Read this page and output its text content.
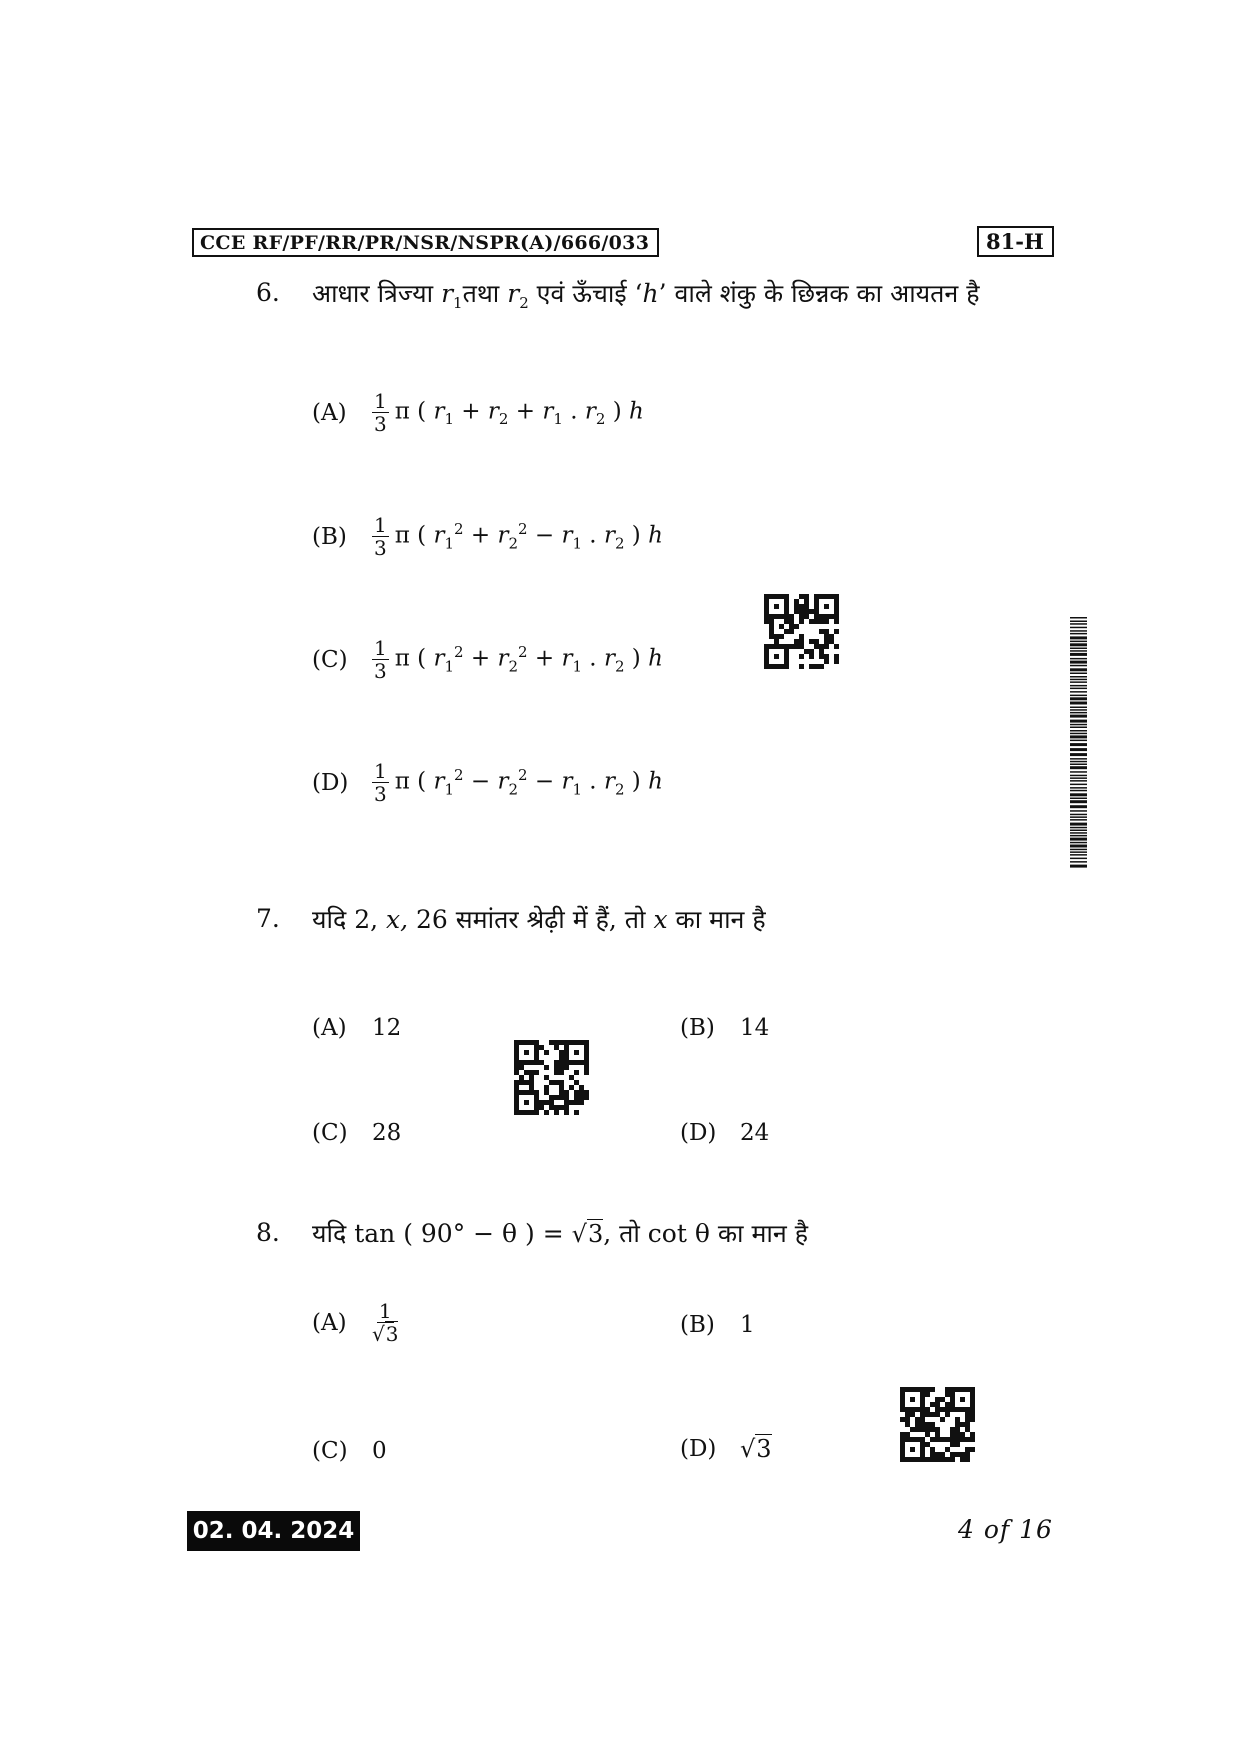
CCE RF/PF/RR/PR/NSR/NSPR(A)/666/033	81-H
6. आधार त्रिज्या $r_1तथा$ $r_2$ एवं ऊँचाई ‘h’ वाले शंकु के छिन्नक का आयतन है
(A)	$\frac{1}{3}$ π ( $r_1 + r_2 + r_1$ . $r_2$ ) h
(B)	$\frac{1}{3}$ π ( $r_1^2 + r_2^2 - r_1$ . $r_2$ ) h
(C)	$\frac{1}{3}$ π ( $r_1^2 + r_2^2 + r_1$ . $r_2$ ) h
(D)	$\frac{1}{3}$ π ( $r_1^2 - r_2^2 - r_1$ . $r_2$ ) h
7. यदि 2, x, 26 समांतर श्रेढ़ी में हैं, तो x का मान है
(A)	12	(B)	14
(C)	28	(D)	24
8. यदि tan ( 90° − θ ) = √3, तो cot θ का मान है
(A)	$\frac{1}{√3}$	(B)	1
(C)	0	(D) √3
02. 04. 2024	4 of 16
